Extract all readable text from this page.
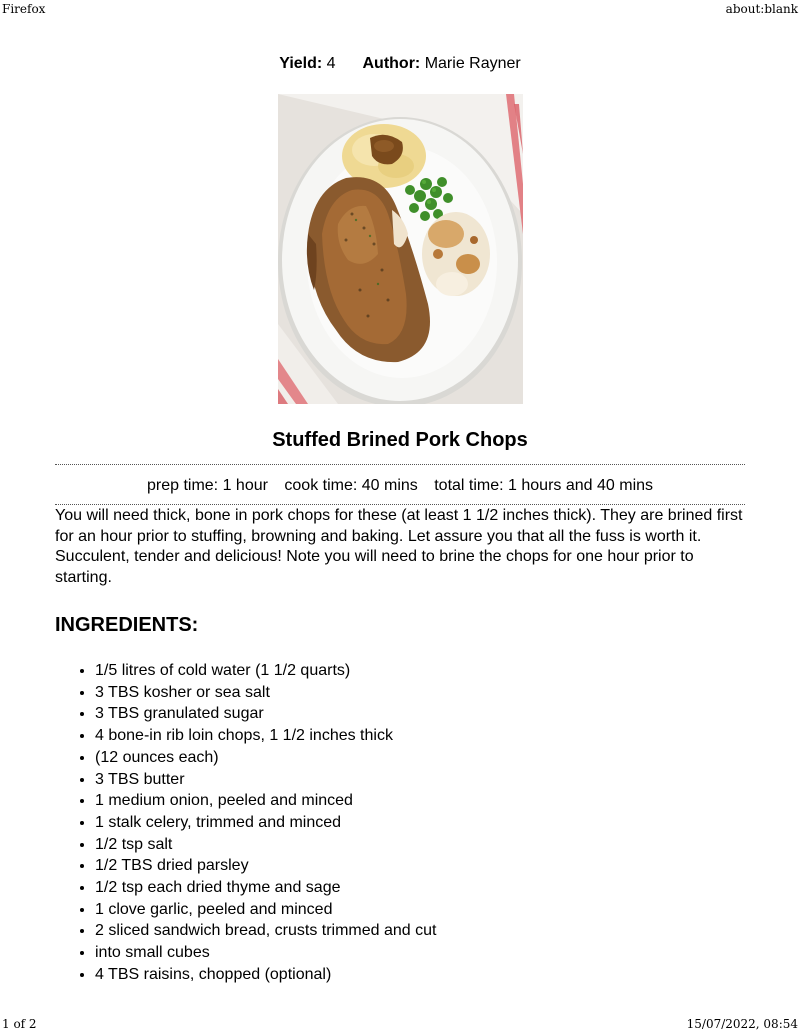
Firefox	about:blank
Yield: 4 Author: Marie Rayner
Stuffed Brined Pork Chops
prep time: 1 hour cook time: 40 mins total time: 1 hours and 40 mins
You will need thick, bone in pork chops for these (at least 1 1/2 inches thick). They are brined first for an hour prior to stuffing, browning and baking. Let assure you that all the fuss is worth it. Succulent, tender and delicious! Note you will need to brine the chops for one hour prior to starting.
INGREDIENTS:
• 1/5 litres of cold water (1 1/2 quarts)
• 3 TBS kosher or sea salt
• 3 TBS granulated sugar
• 4 bone-in rib loin chops, 1 1/2 inches thick
• (12 ounces each)
• 3 TBS butter
• 1 medium onion, peeled and minced
• 1 stalk celery, trimmed and minced
• 1/2 tsp salt
• 1/2 TBS dried parsley
• 1/2 tsp each dried thyme and sage
• 1 clove garlic, peeled and minced
• 2 sliced sandwich bread, crusts trimmed and cut
• into small cubes
• 4 TBS raisins, chopped (optional)
1 of 2	15/07/2022, 08:54
